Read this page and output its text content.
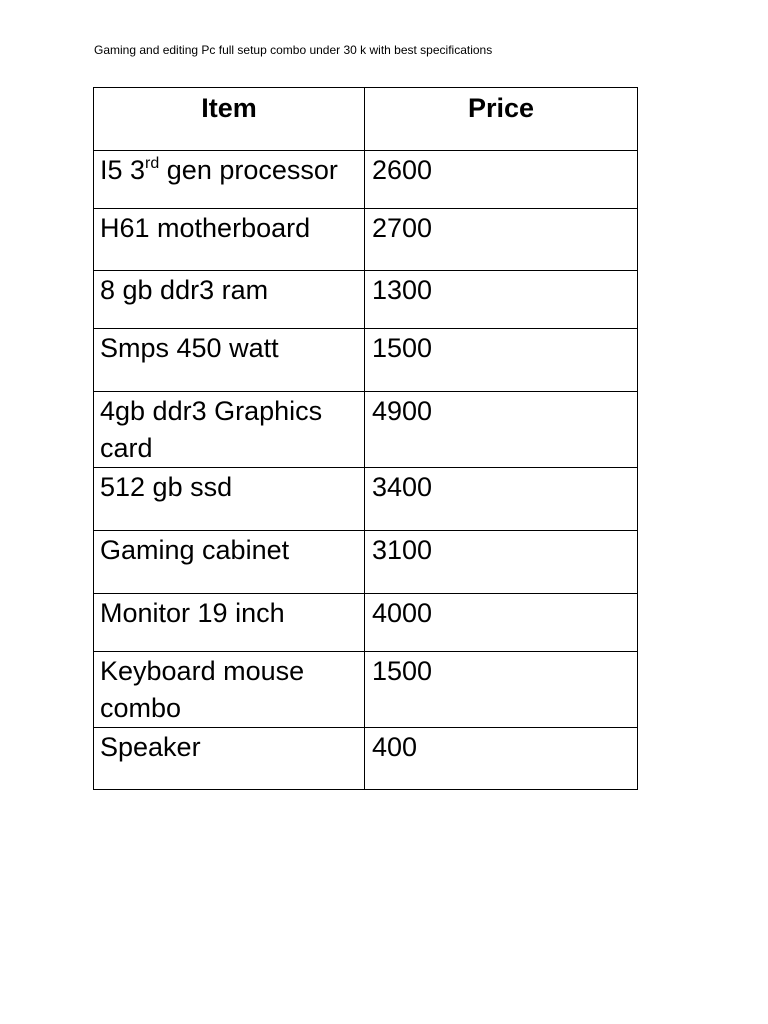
Gaming and editing Pc full setup combo under 30 k with best specifications
Item	Price
I5 3rd gen processor	2600
H61 motherboard	2700
8 gb ddr3 ram	1300
Smps 450 watt	1500
4gb ddr3 Graphics card	4900
512 gb ssd	3400
Gaming cabinet	3100
Monitor 19 inch	4000
Keyboard mouse combo	1500
Speaker	400
